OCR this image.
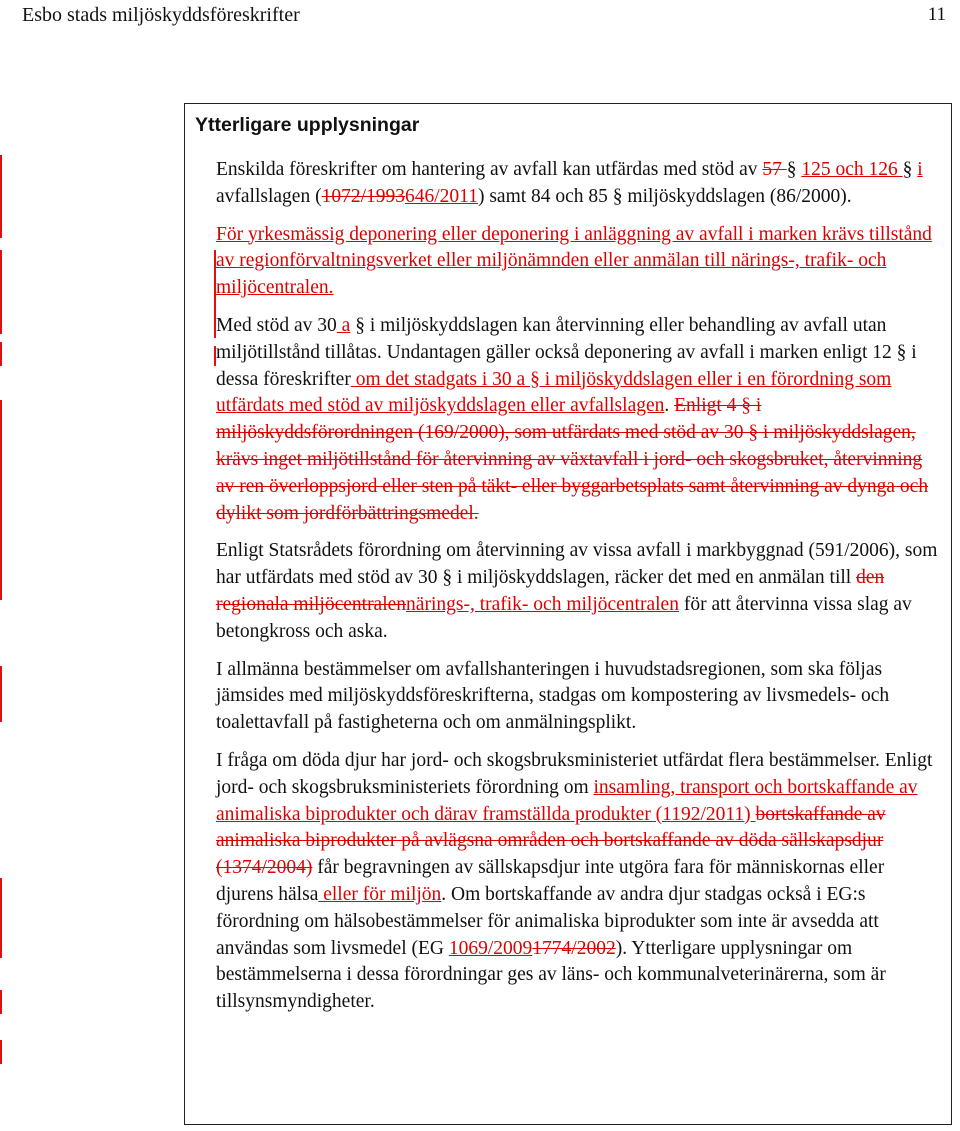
Esbo stads miljöskyddsföreskrifter	11
Ytterligare upplysningar

Enskilda föreskrifter om hantering av avfall kan utfärdas med stöd av 57 § 125 och 126 § i avfallslagen (1072/1993646/2011) samt 84 och 85 § miljöskyddslagen (86/2000).

För yrkesmässig deponering eller deponering i anläggning av avfall i marken krävs tillstånd av regionförvaltningsverket eller miljönämnden eller anmälan till närings-, trafik- och miljöcentralen.

Med stöd av 30 a § i miljöskyddslagen kan återvinning eller behandling av avfall utan miljötillstånd tillåtas. Undantagen gäller också deponering av avfall i marken enligt 12 § i dessa föreskrifter om det stadgats i 30 a § i miljöskyddslagen eller i en förordning som utfärdats med stöd av miljöskyddslagen eller avfallslagen. Enligt 4 § i miljöskyddsförordningen (169/2000), som utfärdats med stöd av 30 § i miljöskyddslagen, krävs inget miljötillstånd för återvinning av växtavfall i jord- och skogsbruket, återvinning av ren överloppsjord eller sten på täkt- eller byggarbetsplats samt återvinning av dynga och dylikt som jordförbättringsmedel.

Enligt Statsrådets förordning om återvinning av vissa avfall i markbyggnad (591/2006), som har utfärdats med stöd av 30 § i miljöskyddslagen, räcker det med en anmälan till den regionala miljöcentralennärings-, trafik- och miljöcentralen för att återvinna vissa slag av betongkross och aska.

I allmänna bestämmelser om avfallshanteringen i huvudstadsregionen, som ska följas jämsides med miljöskyddsföreskrifterna, stadgas om kompostering av livsmedels- och toalettavfall på fastigheterna och om anmälningsplikt.

I fråga om döda djur har jord- och skogsbruksministeriet utfärdat flera bestämmelser. Enligt jord- och skogsbruksministeriets förordning om insamling, transport och bortskaffande av animaliska biprodukter och därav framställda produkter (1192/2011) bortskaffande av animaliska biprodukter på avlägsna områden och bortskaffande av döda sällskapsdjur (1374/2004) får begravningen av sällskapsdjur inte utgöra fara för människornas eller djurens hälsa eller för miljön. Om bortskaffande av andra djur stadgas också i EG:s förordning om hälsobestämmelser för animaliska biprodukter som inte är avsedda att användas som livsmedel (EG 1069/20091774/2002). Ytterligare upplysningar om bestämmelserna i dessa förordningar ges av läns- och kommunalveterinärerna, som är tillsynsmyndigheter.
